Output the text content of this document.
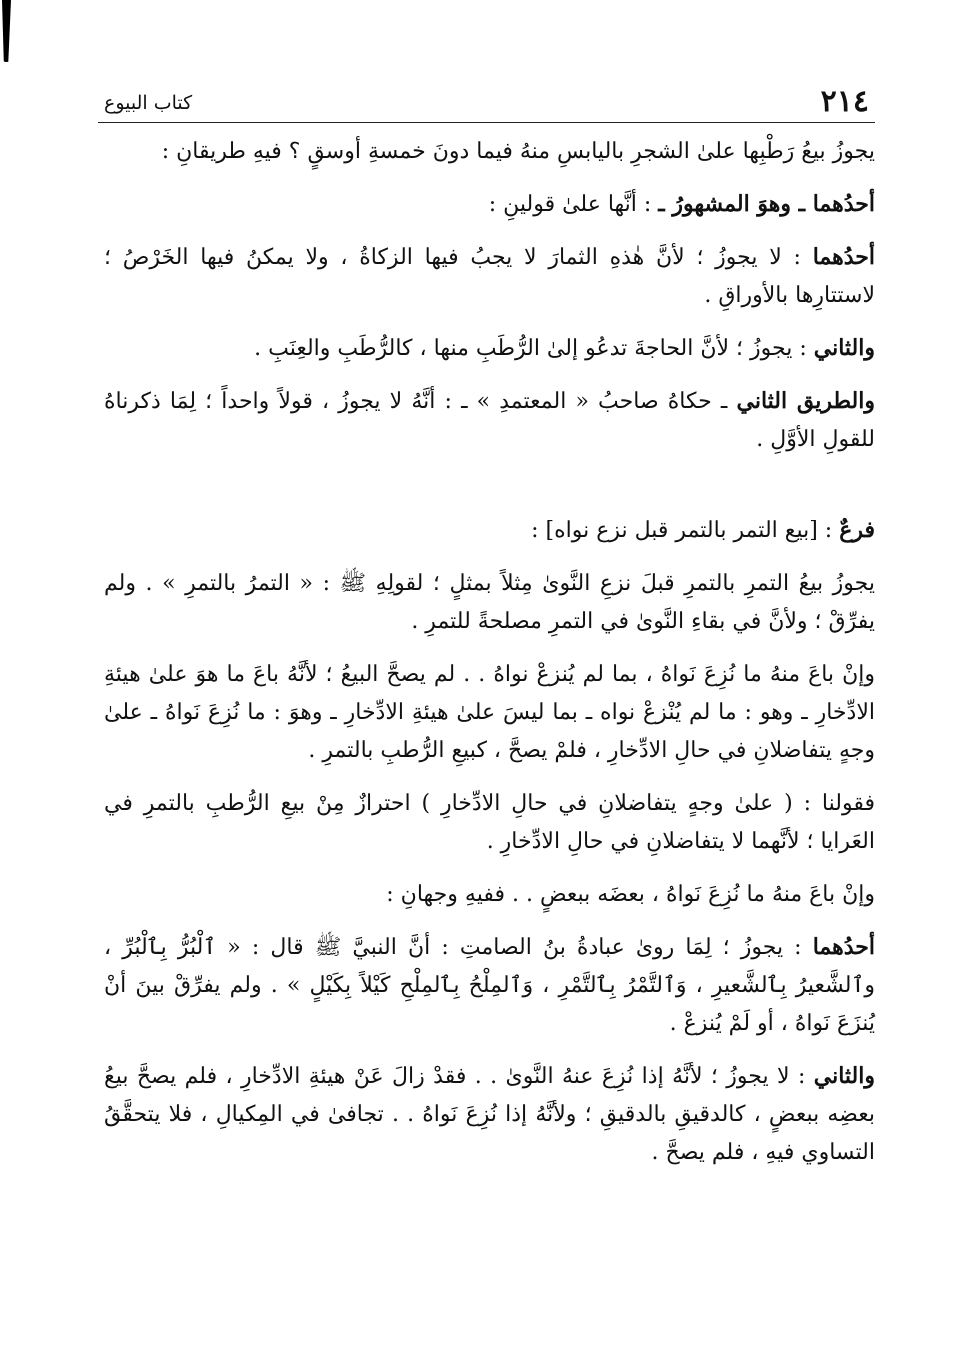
٢١٤
كتاب البيوع

يجوزُ بيعُ رَطْبِها علىٰ الشجرِ باليابسِ منهُ فيما دونَ خمسةِ أوسقٍ ؟ فيهِ طريقانِ :

أحدُهما ـ وهوَ المشهورُ ـ : أنَّها علىٰ قولينِ :

أحدُهما : لا يجوزُ ؛ لأنَّ هٰذهِ الثمارَ لا يجبُ فيها الزكاةُ ، ولا يمكنُ فيها الخَرْصُ ؛ لاستتارِها بالأوراقِ .

والثاني : يجوزُ ؛ لأنَّ الحاجةَ تدعُو إلىٰ الرُّطَبِ منها ، كالرُّطَبِ والعِنَبِ .

والطريق الثاني ـ حكاهُ صاحبُ « المعتمدِ » ـ : أنَّهُ لا يجوزُ ، قولاً واحداً ؛ لِمَا ذكرناهُ للقولِ الأوَّلِ .

فرعٌ : [بيع التمر بالتمر قبل نزع نواه] :

يجوزُ بيعُ التمرِ بالتمرِ قبلَ نزعِ النَّوىٰ مِثلاً بمثلٍ ؛ لقولِهِ ﷺ : « التمرُ بالتمرِ » . ولم يفرِّقْ ؛ ولأنَّ في بقاءِ النَّوىٰ في التمرِ مصلحةً للتمرِ .

وإنْ باعَ منهُ ما نُزِعَ نَواهُ ، بما لم يُنزعْ نواهُ . . لم يصحَّ البيعُ ؛ لأنَّهُ باعَ ما هوَ علىٰ هيئةِ الادِّخارِ ـ وهو : ما لم يُنْزعْ نواه ـ بما ليسَ علىٰ هيئةِ الادِّخارِ ـ وهوَ : ما نُزِعَ نَواهُ ـ علىٰ وجهٍ يتفاضلانِ في حالِ الادِّخارِ ، فلمْ يصحَّ ، كبيعِ الرُّطبِ بالتمرِ .

فقولنا : ( علىٰ وجهٍ يتفاضلانِ في حالِ الادِّخارِ ) احترازٌ مِنْ بيعِ الرُّطبِ بالتمرِ في العَرايا ؛ لأنَّهما لا يتفاضلانِ في حالِ الادِّخارِ .

وإنْ باعَ منهُ ما نُزِعَ نَواهُ ، بعضَه ببعضٍ . . ففيهِ وجهانِ :

أحدُهما : يجوزُ ؛ لِمَا روىٰ عبادةُ بنُ الصامتِ : أنَّ النبيَّ ﷺ قال : « ٱلْبُرُّ بِٱلْبُرِّ ، وٱلشَّعيرُ بِٱلشَّعيرِ ، وَٱلتَّمْرُ بِٱلتَّمْرِ ، وَٱلمِلْحُ بِٱلمِلْحِ كَيْلاً بِكَيْلٍ » . ولم يفرِّقْ بينَ أنْ يُنزَعَ نَواهُ ، أو لَمْ يُنزعْ .

والثاني : لا يجوزُ ؛ لأنَّهُ إذا نُزِعَ عنهُ النَّوىٰ . . فقدْ زالَ عَنْ هيئةِ الادِّخارِ ، فلم يصحَّ بيعُ بعضِه ببعضٍ ، كالدقيقِ بالدقيقِ ؛ ولأنَّهُ إذا نُزِعَ نَواهُ . . تجافىٰ في المِكيالِ ، فلا يتحقَّقُ التساوي فيهِ ، فلم يصحَّ .
